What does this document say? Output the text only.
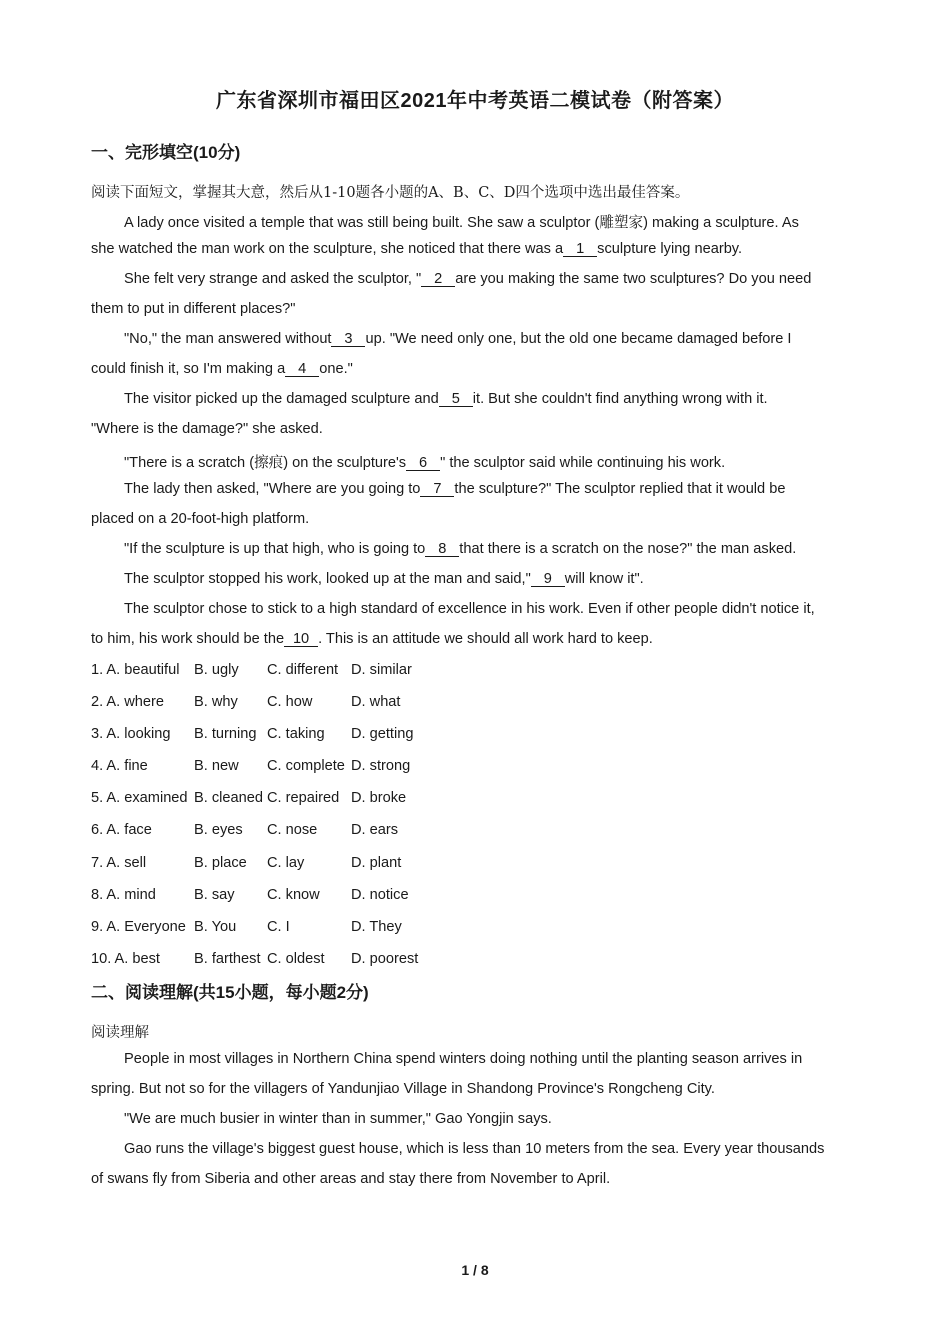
广东省深圳市福田区2021年中考英语二模试卷（附答案）
一、完形填空(10分)
阅读下面短文，掌握其大意，然后从1-10题各小题的A、B、C、D四个选项中选出最佳答案。
A lady once visited a temple that was still being built. She saw a sculptor (雕塑家) making a sculpture. As
she watched the man work on the sculpture, she noticed that there was a 1 sculpture lying nearby.
She felt very strange and asked the sculptor, " 2 are you making the same two sculptures? Do you need
them to put in different places?"
"No," the man answered without 3 up. "We need only one, but the old one became damaged before I
could finish it, so I'm making a 4 one."
The visitor picked up the damaged sculpture and 5 it. But she couldn't find anything wrong with it.
"Where is the damage?" she asked.
"There is a scratch (擦痕) on the sculpture's 6 " the sculptor said while continuing his work.
The lady then asked, "Where are you going to 7 the sculpture?" The sculptor replied that it would be
placed on a 20-foot-high platform.
"If the sculpture is up that high, who is going to 8 that there is a scratch on the nose?" the man asked.
The sculptor stopped his work, looked up at the man and said," 9 will know it".
The sculptor chose to stick to a high standard of excellence in his work. Even if other people didn't notice it,
to him, his work should be the 10 . This is an attitude we should all work hard to keep.
1. A. beautiful B. ugly C. different D. similar
2. A. where B. why C. how	D. what
3. A. looking B. turning C. taking D. getting
4. A. fine	B. new C. complete D. strong
5. A. examined B. cleaned C. repaired D. broke
6. A. face	B. eyes C. nose D. ears
7. A. sell	B. place C. lay	D. plant
8. A. mind	B. say C. know D. notice
9. A. Everyone B. You C. I	D. They
10. A. best B. farthest C. oldest D. poorest
二、阅读理解(共15小题，每小题2分)
阅读理解
People in most villages in Northern China spend winters doing nothing until the planting season arrives in
spring. But not so for the villagers of Yandunjiao Village in Shandong Province's Rongcheng City.
"We are much busier in winter than in summer," Gao Yongjin says.
Gao runs the village's biggest guest house, which is less than 10 meters from the sea. Every year thousands
of swans fly from Siberia and other areas and stay there from November to April.
1 / 8
